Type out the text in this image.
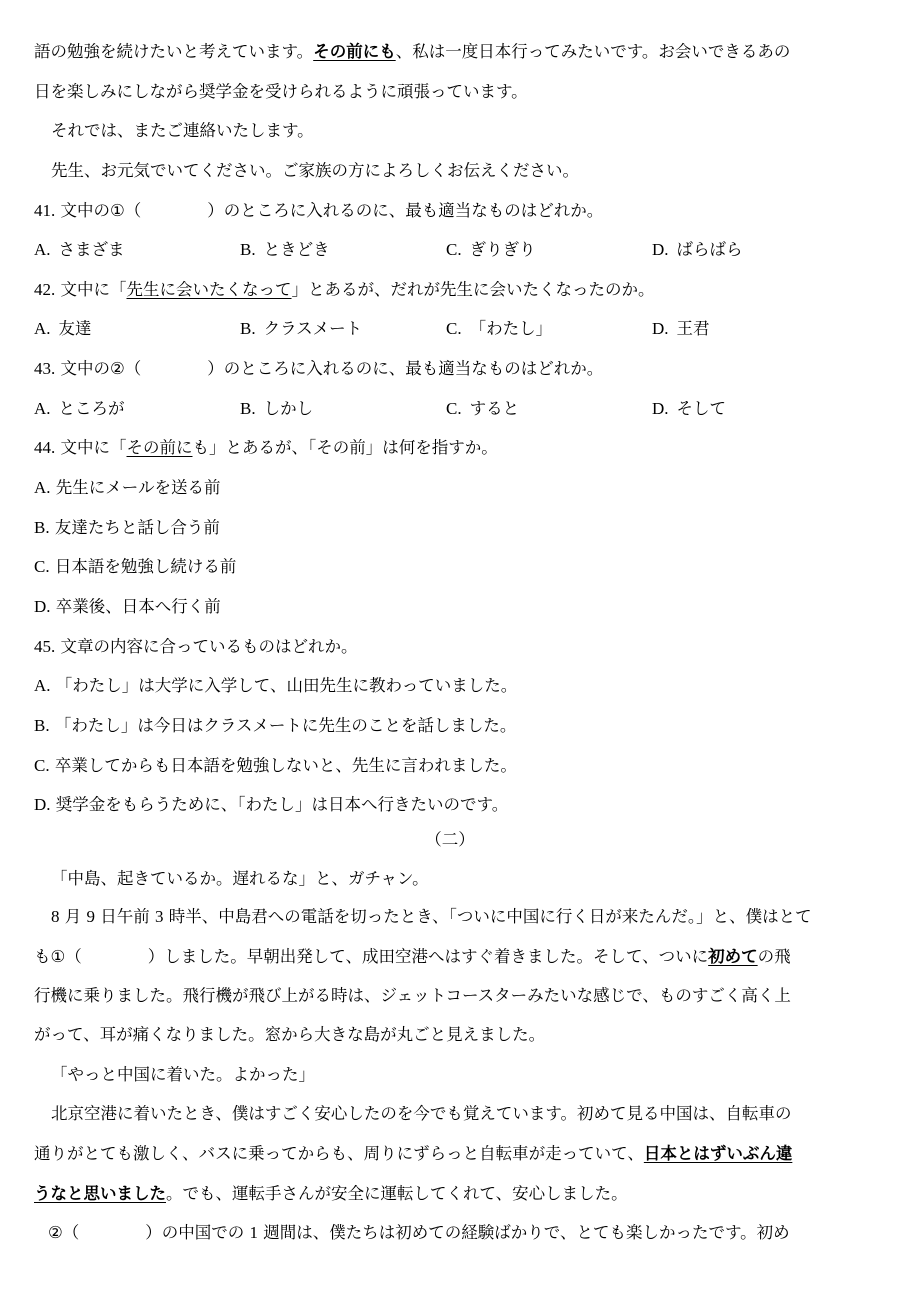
語の勉強を続けたいと考えています。その前にも、私は一度日本行ってみたいです。お会いできるあの
日を楽しみにしながら奨学金を受けられるように頑張っています。
それでは、またご連絡いたします。
先生、お元気でいてください。ご家族の方によろしくお伝えください。
41. 文中の①（　　　　）のところに入れるのに、最も適当なものはどれか。
A. さまざま	B. ときどき	C. ぎりぎり	D. ばらばら
42. 文中に「先生に会いたくなって」とあるが、だれが先生に会いたくなったのか。
A. 友達	B. クラスメート	C. 「わたし」	D. 王君
43. 文中の②（　　　　）のところに入れるのに、最も適当なものはどれか。
A. ところが	B. しかし	C. すると	D. そして
44. 文中に「その前にも」とあるが、「その前」は何を指すか。
A. 先生にメールを送る前
B. 友達たちと話し合う前
C. 日本語を勉強し続ける前
D. 卒業後、日本へ行く前
45. 文章の内容に合っているものはどれか。
A. 「わたし」は大学に入学して、山田先生に教わっていました。
B. 「わたし」は今日はクラスメートに先生のことを話しました。
C. 卒業してからも日本語を勉強しないと、先生に言われました。
D. 奨学金をもらうために、「わたし」は日本へ行きたいのです。
（二）
「中島、起きているか。遅れるな」と、ガチャン。
8 月 9 日午前 3 時半、中島君への電話を切ったとき、「ついに中国に行く日が来たんだ。」と、僕はとて
も①（　　　　）しました。早朝出発して、成田空港へはすぐ着きました。そして、ついに初めての飛
行機に乗りました。飛行機が飛び上がる時は、ジェットコースターみたいな感じで、ものすごく高く上
がって、耳が痛くなりました。窓から大きな島が丸ごと見えました。
「やっと中国に着いた。よかった」
北京空港に着いたとき、僕はすごく安心したのを今でも覚えています。初めて見る中国は、自転車の
通りがとても激しく、バスに乗ってからも、周りにずらっと自転車が走っていて、日本とはずいぶん違
うなと思いました。でも、運転手さんが安全に運転してくれて、安心しました。
②（　　　　）の中国での 1 週間は、僕たちは初めての経験ばかりで、とても楽しかったです。初め
